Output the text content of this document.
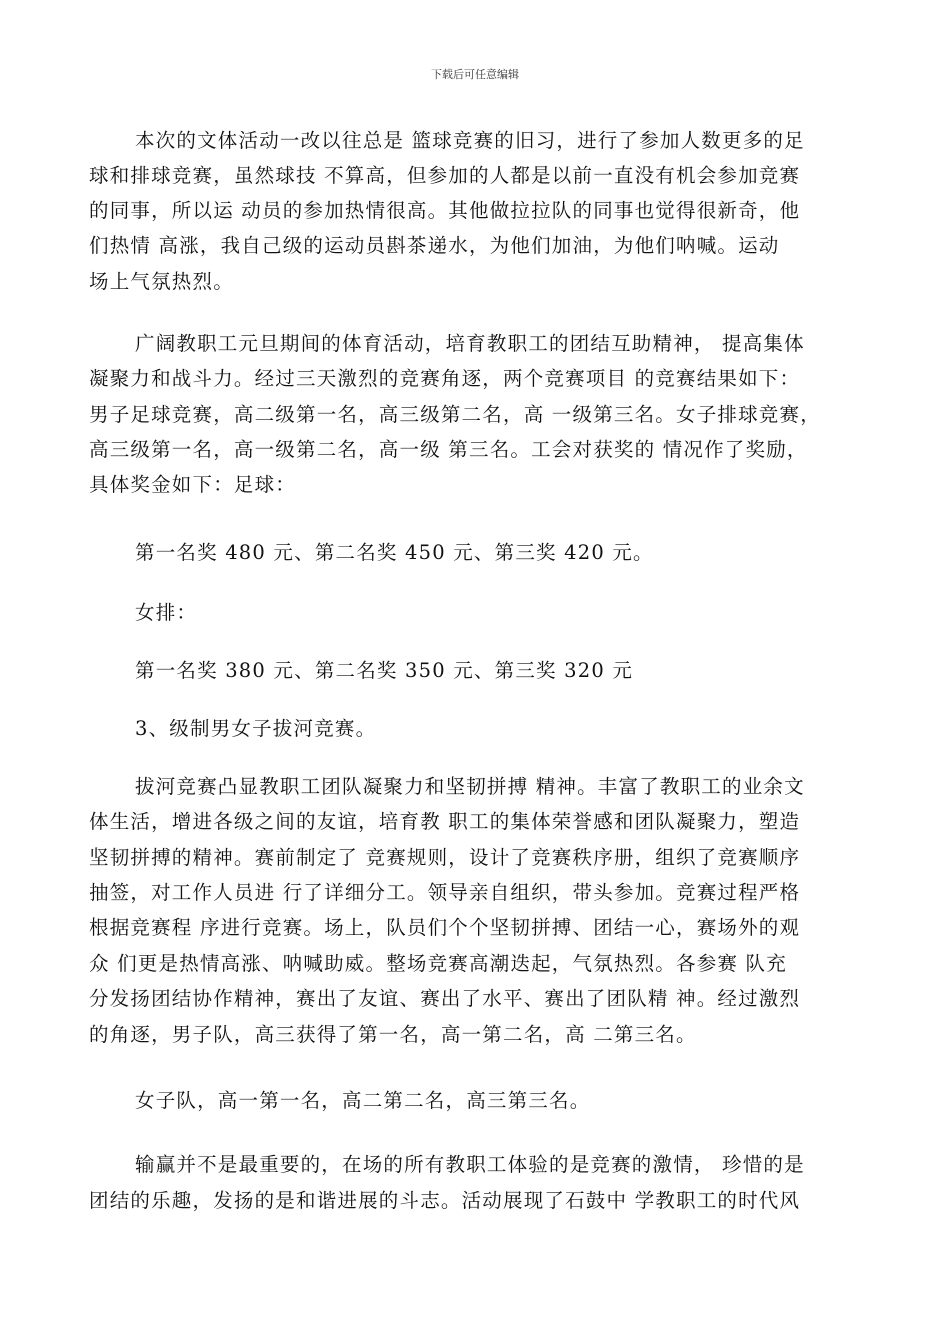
下载后可任意编辑
本次的文体活动一改以往总是 篮球竞赛的旧习，进行了参加人数更多的足
球和排球竞赛，虽然球技 不算高，但参加的人都是以前一直没有机会参加竞赛
的同事，所以运 动员的参加热情很高。其他做拉拉队的同事也觉得很新奇，他
们热情 高涨，我自己级的运动员斟茶递水，为他们加油，为他们呐喊。运动
场上气氛热烈。
广阔教职工元旦期间的体育活动，培育教职工的团结互助精神， 提高集体
凝聚力和战斗力。经过三天激烈的竞赛角逐，两个竞赛项目 的竞赛结果如下：
男子足球竞赛，高二级第一名，高三级第二名，高 一级第三名。女子排球竞赛，
高三级第一名，高一级第二名，高一级 第三名。工会对获奖的 情况作了奖励，
具体奖金如下：足球：
第一名奖 480 元、第二名奖 450 元、第三奖 420 元。
女排：
第一名奖 380 元、第二名奖 350 元、第三奖 320 元
3、级制男女子拔河竞赛。
拔河竞赛凸显教职工团队凝聚力和坚韧拼搏 精神。丰富了教职工的业余文
体生活，增进各级之间的友谊，培育教 职工的集体荣誉感和团队凝聚力，塑造
坚韧拼搏的精神。赛前制定了 竞赛规则，设计了竞赛秩序册，组织了竞赛顺序
抽签，对工作人员进 行了详细分工。领导亲自组织，带头参加。竞赛过程严格
根据竞赛程 序进行竞赛。场上，队员们个个坚韧拼搏、团结一心，赛场外的观
众 们更是热情高涨、呐喊助威。整场竞赛高潮迭起，气氛热烈。各参赛 队充
分发扬团结协作精神，赛出了友谊、赛出了水平、赛出了团队精 神。经过激烈
的角逐，男子队，高三获得了第一名，高一第二名，高 二第三名。
女子队，高一第一名，高二第二名，高三第三名。
输赢并不是最重要的，在场的所有教职工体验的是竞赛的激情， 珍惜的是
团结的乐趣，发扬的是和谐进展的斗志。活动展现了石鼓中 学教职工的时代风
